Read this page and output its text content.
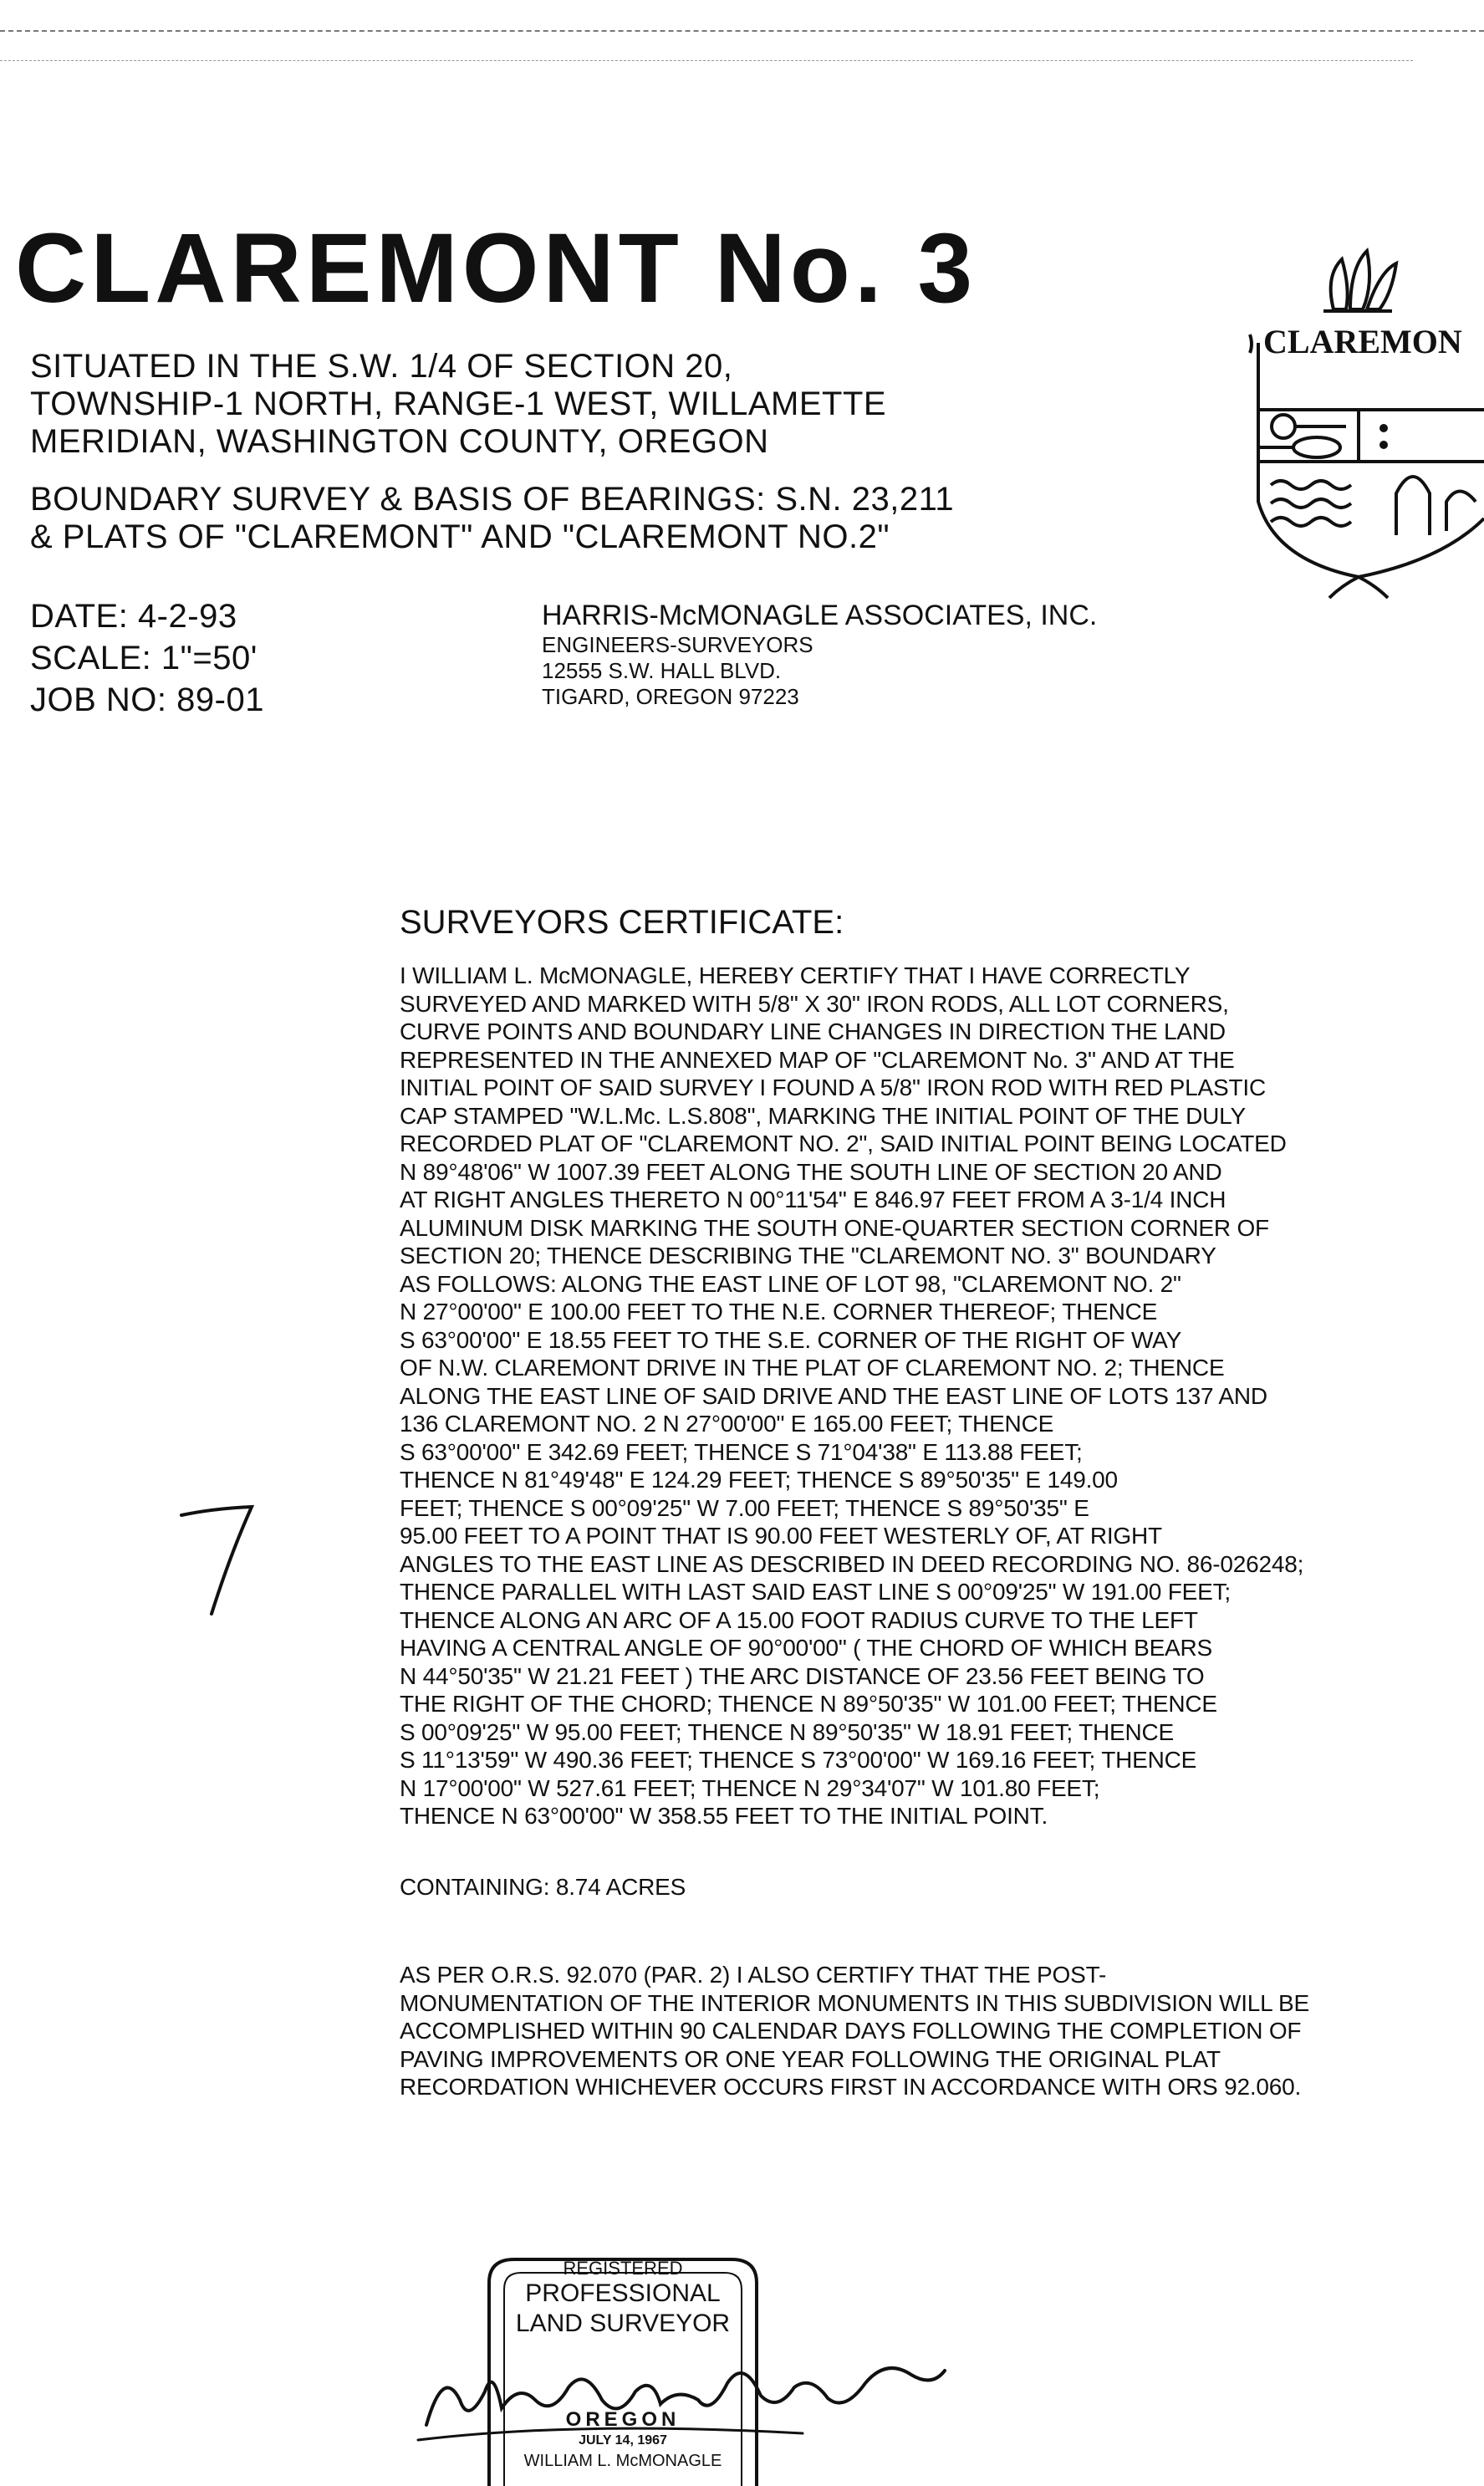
CLAREMONT No. 3
SITUATED IN THE S.W. 1/4 OF SECTION 20,
TOWNSHIP-1 NORTH, RANGE-1 WEST, WILLAMETTE
MERIDIAN, WASHINGTON COUNTY, OREGON
BOUNDARY SURVEY & BASIS OF BEARINGS: S.N. 23,211
& PLATS OF "CLAREMONT" AND "CLAREMONT NO.2"
DATE: 4-2-93
SCALE: 1"=50'
JOB NO: 89-01
HARRIS-McMONAGLE ASSOCIATES, INC.
ENGINEERS-SURVEYORS
12555 S.W. HALL BLVD.
TIGARD, OREGON 97223
CLAREMON
SURVEYORS CERTIFICATE:

I WILLIAM L. McMONAGLE, HEREBY CERTIFY THAT I HAVE CORRECTLY

SURVEYED AND MARKED WITH 5/8" X 30" IRON RODS, ALL LOT CORNERS,

CURVE POINTS AND BOUNDARY LINE CHANGES IN DIRECTION THE LAND

REPRESENTED IN THE ANNEXED MAP OF "CLAREMONT No. 3" AND AT THE

INITIAL POINT OF SAID SURVEY I FOUND A 5/8" IRON ROD WITH RED PLASTIC

CAP STAMPED "W.L.Mc. L.S.808", MARKING THE INITIAL POINT OF THE DULY

RECORDED PLAT OF "CLAREMONT NO. 2", SAID INITIAL POINT BEING LOCATED

N 89°48'06" W 1007.39 FEET ALONG THE SOUTH LINE OF SECTION 20 AND

AT RIGHT ANGLES THERETO N 00°11'54" E 846.97 FEET FROM A 3-1/4 INCH

ALUMINUM DISK MARKING THE SOUTH ONE-QUARTER SECTION CORNER OF

SECTION 20; THENCE DESCRIBING THE "CLAREMONT NO. 3" BOUNDARY

AS FOLLOWS: ALONG THE EAST LINE OF LOT 98, "CLAREMONT NO. 2"

N 27°00'00" E 100.00 FEET TO THE N.E. CORNER THEREOF; THENCE

S 63°00'00" E 18.55 FEET TO THE S.E. CORNER OF THE RIGHT OF WAY

OF N.W. CLAREMONT DRIVE IN THE PLAT OF CLAREMONT NO. 2; THENCE

ALONG THE EAST LINE OF SAID DRIVE AND THE EAST LINE OF LOTS 137 AND

136 CLAREMONT NO. 2 N 27°00'00" E 165.00 FEET; THENCE

S 63°00'00" E 342.69 FEET; THENCE S 71°04'38" E 113.88 FEET;

THENCE N 81°49'48" E 124.29 FEET; THENCE S 89°50'35" E 149.00

FEET; THENCE S 00°09'25" W 7.00 FEET; THENCE S 89°50'35" E

95.00 FEET TO A POINT THAT IS 90.00 FEET WESTERLY OF, AT RIGHT

ANGLES TO THE EAST LINE AS DESCRIBED IN DEED RECORDING NO. 86-026248;

THENCE PARALLEL WITH LAST SAID EAST LINE S 00°09'25" W 191.00 FEET;

THENCE ALONG AN ARC OF A 15.00 FOOT RADIUS CURVE TO THE LEFT

HAVING A CENTRAL ANGLE OF 90°00'00" ( THE CHORD OF WHICH BEARS

N 44°50'35" W 21.21 FEET ) THE ARC DISTANCE OF 23.56 FEET BEING TO

THE RIGHT OF THE CHORD; THENCE N 89°50'35" W 101.00 FEET; THENCE

S 00°09'25" W 95.00 FEET; THENCE N 89°50'35" W 18.91 FEET; THENCE

S 11°13'59" W 490.36 FEET; THENCE S 73°00'00" W 169.16 FEET; THENCE

N 17°00'00" W 527.61 FEET; THENCE N 29°34'07" W 101.80 FEET;

THENCE N 63°00'00" W 358.55 FEET TO THE INITIAL POINT.

CONTAINING: 8.74 ACRES

AS PER O.R.S. 92.070 (PAR. 2) I ALSO CERTIFY THAT THE POST-

MONUMENTATION OF THE INTERIOR MONUMENTS IN THIS SUBDIVISION WILL BE

ACCOMPLISHED WITHIN 90 CALENDAR DAYS FOLLOWING THE COMPLETION OF

PAVING IMPROVEMENTS OR ONE YEAR FOLLOWING THE ORIGINAL PLAT

RECORDATION WHICHEVER OCCURS FIRST IN ACCORDANCE WITH ORS 92.060.

REGISTERED
PROFESSIONAL
LAND SURVEYOR
OREGON
JULY 14, 1967
WILLIAM L. McMONAGLE
